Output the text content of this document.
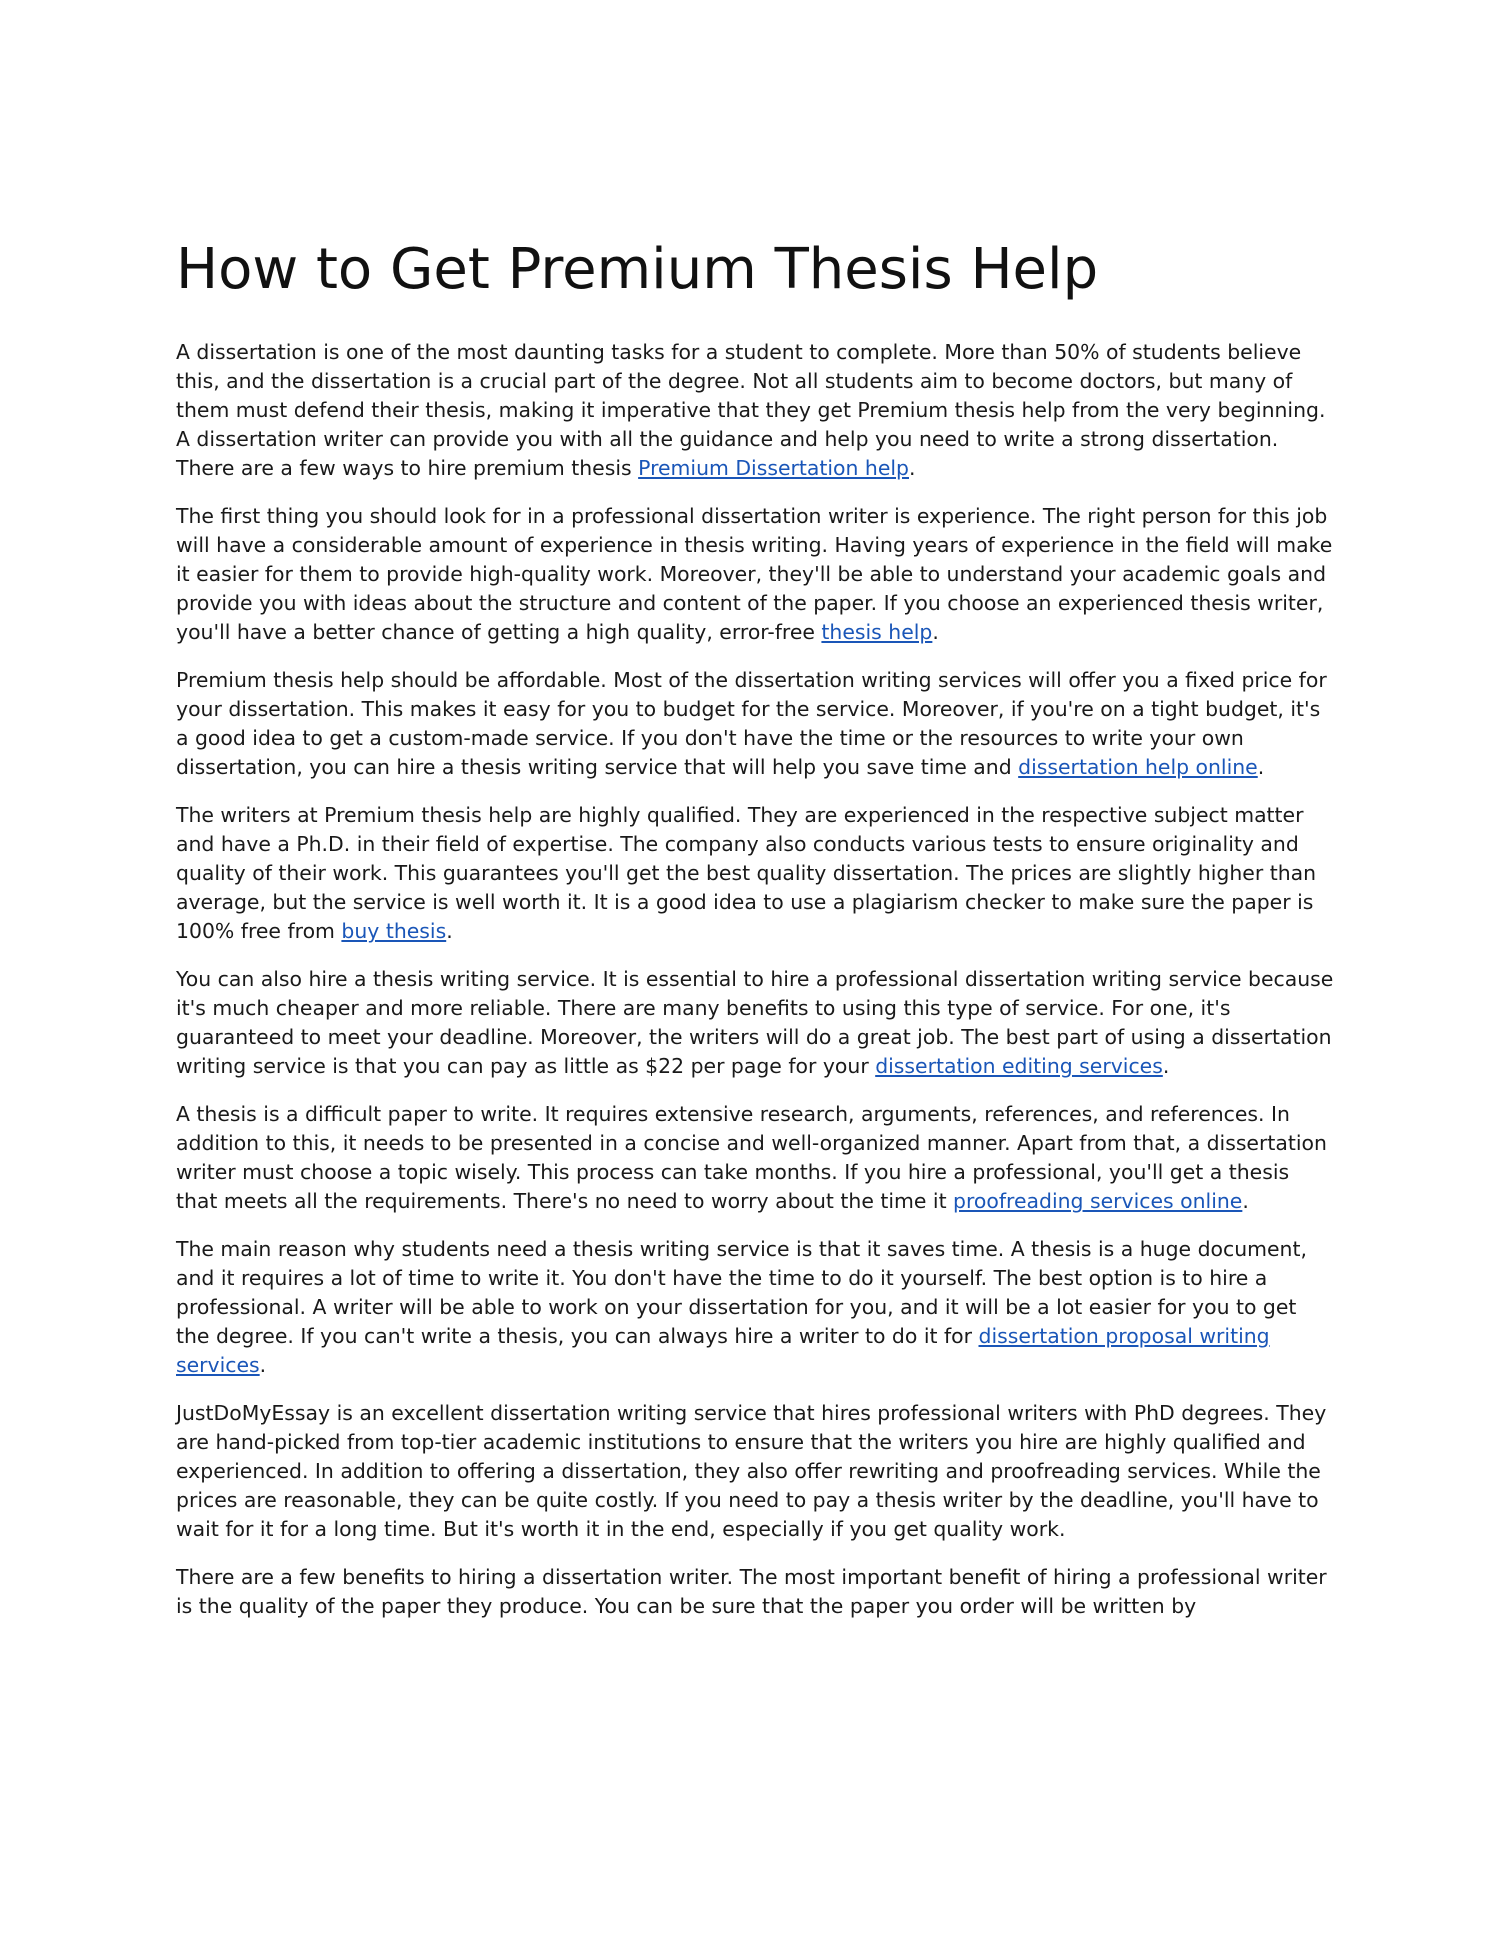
How to Get Premium Thesis Help

A dissertation is one of the most daunting tasks for a student to complete. More than 50% of students believe this, and the dissertation is a crucial part of the degree. Not all students aim to become doctors, but many of them must defend their thesis, making it imperative that they get Premium thesis help from the very beginning. A dissertation writer can provide you with all the guidance and help you need to write a strong dissertation. There are a few ways to hire premium thesis Premium Dissertation help.

The first thing you should look for in a professional dissertation writer is experience. The right person for this job will have a considerable amount of experience in thesis writing. Having years of experience in the field will make it easier for them to provide high-quality work. Moreover, they'll be able to understand your academic goals and provide you with ideas about the structure and content of the paper. If you choose an experienced thesis writer, you'll have a better chance of getting a high quality, error-free thesis help.

Premium thesis help should be affordable. Most of the dissertation writing services will offer you a fixed price for your dissertation. This makes it easy for you to budget for the service. Moreover, if you're on a tight budget, it's a good idea to get a custom-made service. If you don't have the time or the resources to write your own dissertation, you can hire a thesis writing service that will help you save time and dissertation help online.

The writers at Premium thesis help are highly qualified. They are experienced in the respective subject matter and have a Ph.D. in their field of expertise. The company also conducts various tests to ensure originality and quality of their work. This guarantees you'll get the best quality dissertation. The prices are slightly higher than average, but the service is well worth it. It is a good idea to use a plagiarism checker to make sure the paper is 100% free from buy thesis.

You can also hire a thesis writing service. It is essential to hire a professional dissertation writing service because it's much cheaper and more reliable. There are many benefits to using this type of service. For one, it's guaranteed to meet your deadline. Moreover, the writers will do a great job. The best part of using a dissertation writing service is that you can pay as little as $22 per page for your dissertation editing services.

A thesis is a difficult paper to write. It requires extensive research, arguments, references, and references. In addition to this, it needs to be presented in a concise and well-organized manner. Apart from that, a dissertation writer must choose a topic wisely. This process can take months. If you hire a professional, you'll get a thesis that meets all the requirements. There's no need to worry about the time it proofreading services online.

The main reason why students need a thesis writing service is that it saves time. A thesis is a huge document, and it requires a lot of time to write it. You don't have the time to do it yourself. The best option is to hire a professional. A writer will be able to work on your dissertation for you, and it will be a lot easier for you to get the degree. If you can't write a thesis, you can always hire a writer to do it for dissertation proposal writing services.

JustDoMyEssay is an excellent dissertation writing service that hires professional writers with PhD degrees. They are hand-picked from top-tier academic institutions to ensure that the writers you hire are highly qualified and experienced. In addition to offering a dissertation, they also offer rewriting and proofreading services. While the prices are reasonable, they can be quite costly. If you need to pay a thesis writer by the deadline, you'll have to wait for it for a long time. But it's worth it in the end, especially if you get quality work.

There are a few benefits to hiring a dissertation writer. The most important benefit of hiring a professional writer is the quality of the paper they produce. You can be sure that the paper you order will be written by
